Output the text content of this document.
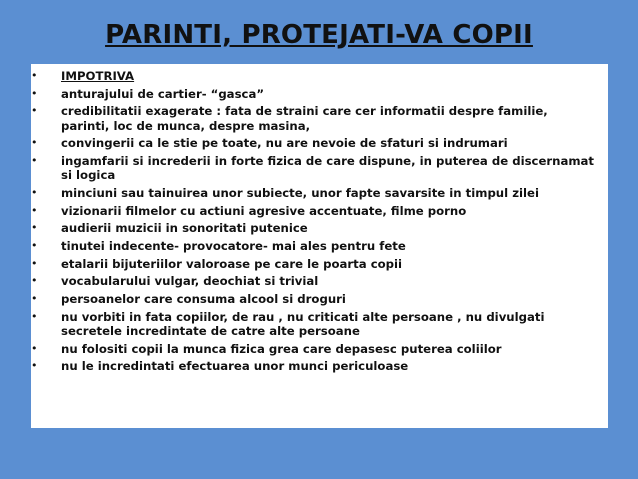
PARINTI, PROTEJATI-VA COPII
• IMPOTRIVA
• anturajului de cartier- “gasca”
• credibilitatii exagerate : fata de straini care cer informatii despre familie, parinti, loc de munca, despre masina,
• convingerii ca le stie pe toate, nu are nevoie de sfaturi si indrumari
• ingamfarii si increderii in forte fizica de care dispune, in puterea de discernamat si logica
• minciuni sau tainuirea unor subiecte, unor fapte savarsite in timpul zilei
• vizionarii filmelor cu actiuni agresive accentuate, filme porno
• audierii muzicii in sonoritati putenice
• tinutei indecente- provocatore- mai ales pentru fete
• etalarii bijuteriilor valoroase pe care le poarta copii
• vocabularului vulgar, deochiat si trivial
• persoanelor care consuma alcool si droguri
• nu vorbiti in fata copiilor, de rau , nu criticati alte persoane , nu divulgati secretele incredintate de catre alte persoane
• nu folositi copii la munca fizica grea care depasesc puterea coliilor
• nu le incredintati efectuarea unor munci periculoase
